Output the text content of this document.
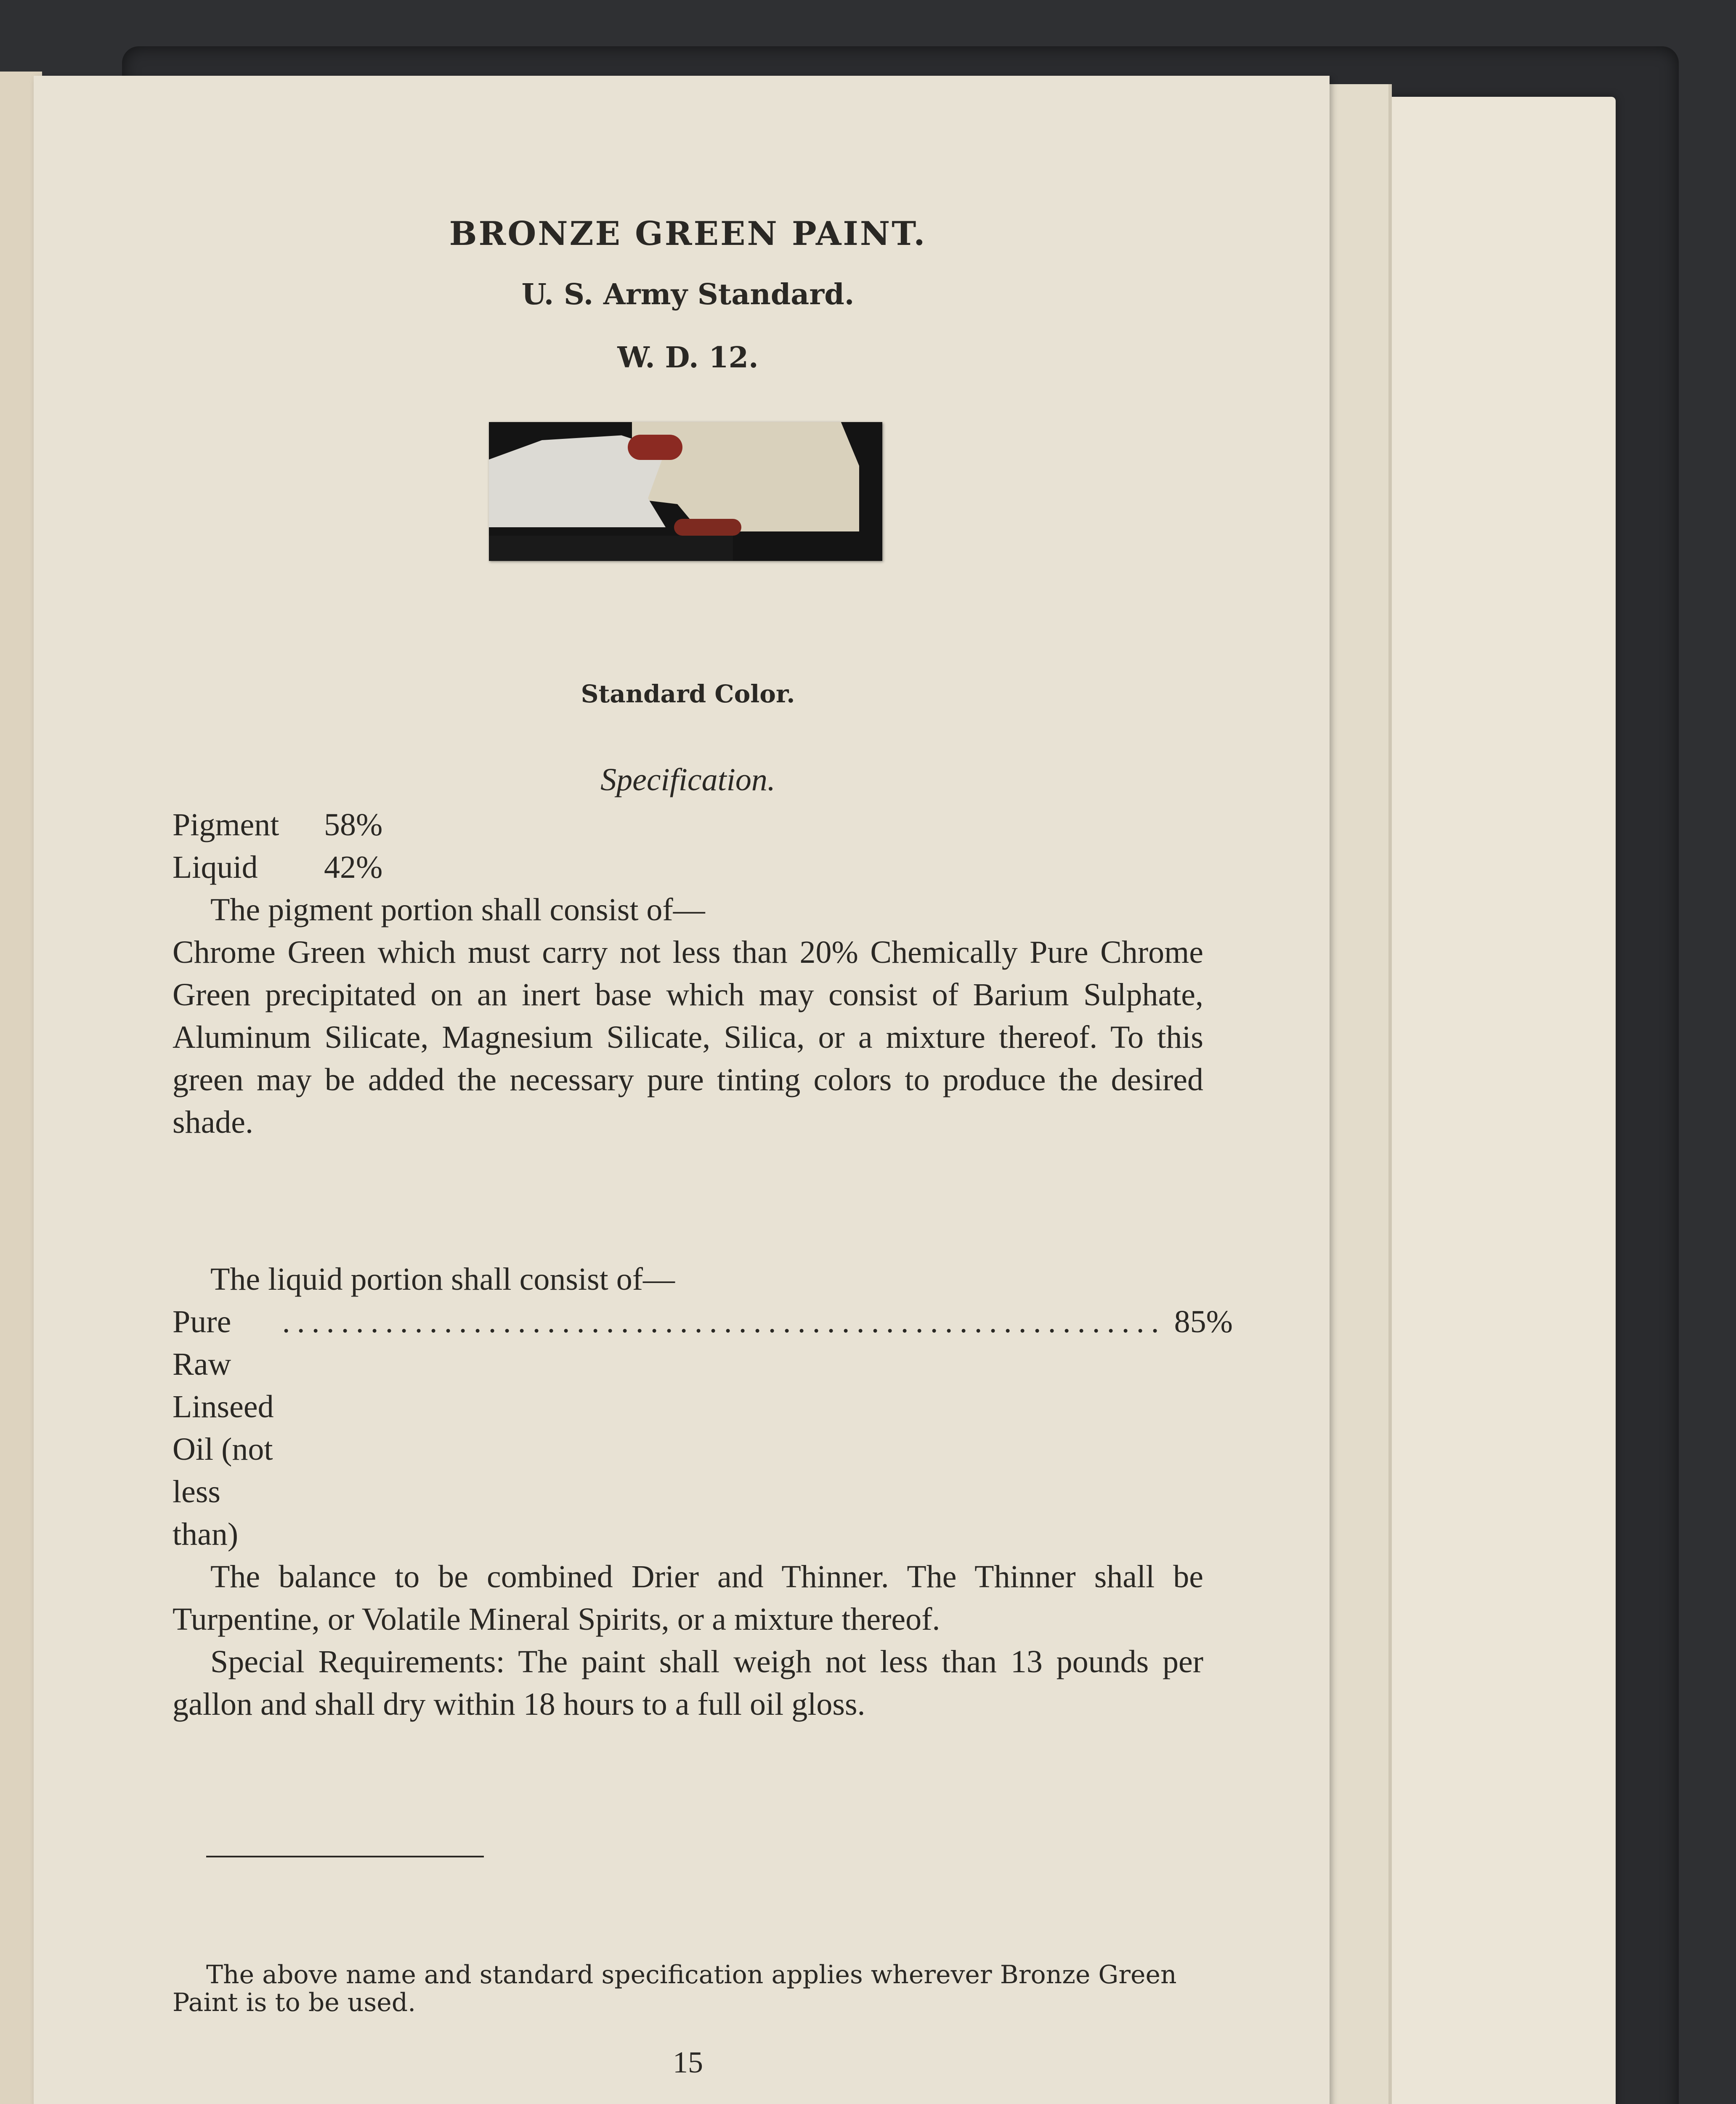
BRONZE GREEN PAINT.
U. S. Army Standard.
W. D. 12.
Standard Color.
Specification.
Pigment	58%
Liquid	42%

The pigment portion shall consist of—

Chrome Green which must carry not less than 20% Chemically Pure Chrome Green precipitated on an inert base which may consist of Barium Sulphate, Aluminum Silicate, Magnesium Silicate, Silica, or a mixture thereof. To this green may be added the necessary pure tinting colors to produce the desired shade.

The liquid portion shall consist of—

Pure Raw Linseed Oil (not less than)
............................................................ 85%

The balance to be combined Drier and Thinner. The Thinner shall be Turpentine, or Volatile Mineral Spirits, or a mixture thereof.

Special Requirements: The paint shall weigh not less than 13 pounds per gallon and shall dry within 18 hours to a full oil gloss.

The above name and standard specification applies wherever Bronze Green Paint is to be used.

15
